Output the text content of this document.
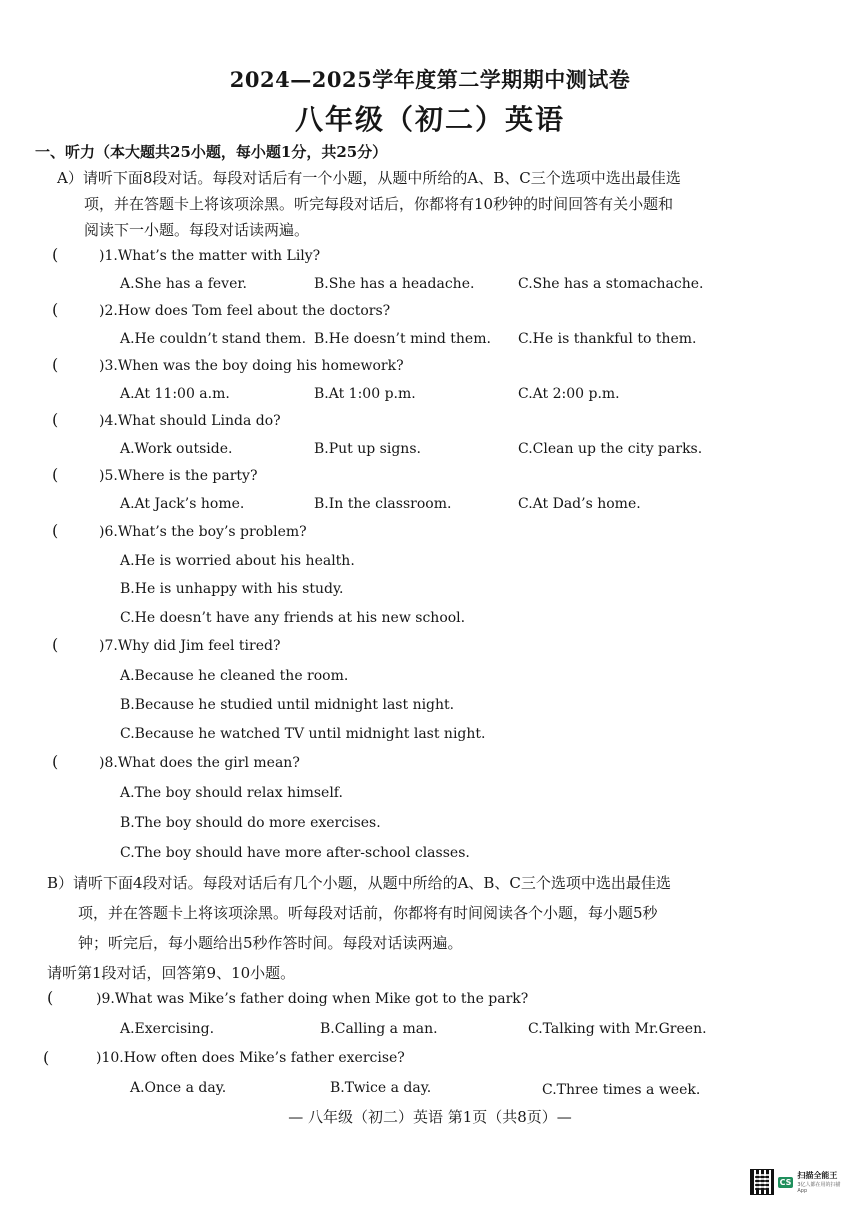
2024—2025学年度第二学期期中测试卷
八年级（初二）英语
一、听力（本大题共25小题，每小题1分，共25分）
A）请听下面8段对话。每段对话后有一个小题，从题中所给的A、B、C三个选项中选出最佳选
项，并在答题卡上将该项涂黑。听完每段对话后，你都将有10秒钟的时间回答有关小题和
阅读下一小题。每段对话读两遍。
(	)1.What’s the matter with Lily?
A.She has a fever.	B.She has a headache.	C.She has a stomachache.
(	)2.How does Tom feel about the doctors?
A.He couldn’t stand them. B.He doesn’t mind them. C.He is thankful to them.
(	)3.When was the boy doing his homework?
A.At 11:00 a.m.	B.At 1:00 p.m.	C.At 2:00 p.m.
(	)4.What should Linda do?
A.Work outside.	B.Put up signs.	C.Clean up the city parks.
(	)5.Where is the party?
A.At Jack’s home.	B.In the classroom.	C.At Dad’s home.
(	)6.What’s the boy’s problem?
A.He is worried about his health.
B.He is unhappy with his study.
C.He doesn’t have any friends at his new school.
(	)7.Why did Jim feel tired?
A.Because he cleaned the room.
B.Because he studied until midnight last night.
C.Because he watched TV until midnight last night.
(	)8.What does the girl mean?
A.The boy should relax himself.
B.The boy should do more exercises.
C.The boy should have more after-school classes.
B）请听下面4段对话。每段对话后有几个小题，从题中所给的A、B、C三个选项中选出最佳选
项，并在答题卡上将该项涂黑。听每段对话前，你都将有时间阅读各个小题，每小题5秒
钟；听完后，每小题给出5秒作答时间。每段对话读两遍。
请听第1段对话，回答第9、10小题。
(	)9.What was Mike’s father doing when Mike got to the park?
A.Exercising.	B.Calling a man.	C.Talking with Mr.Green.
(	)10.How often does Mike’s father exercise?
A.Once a day.	B.Twice a day.	C.Three times a week.
— 八年级（初二）英语 第1页（共8页）—
CS
扫描全能王
3亿人都在用的扫描App
